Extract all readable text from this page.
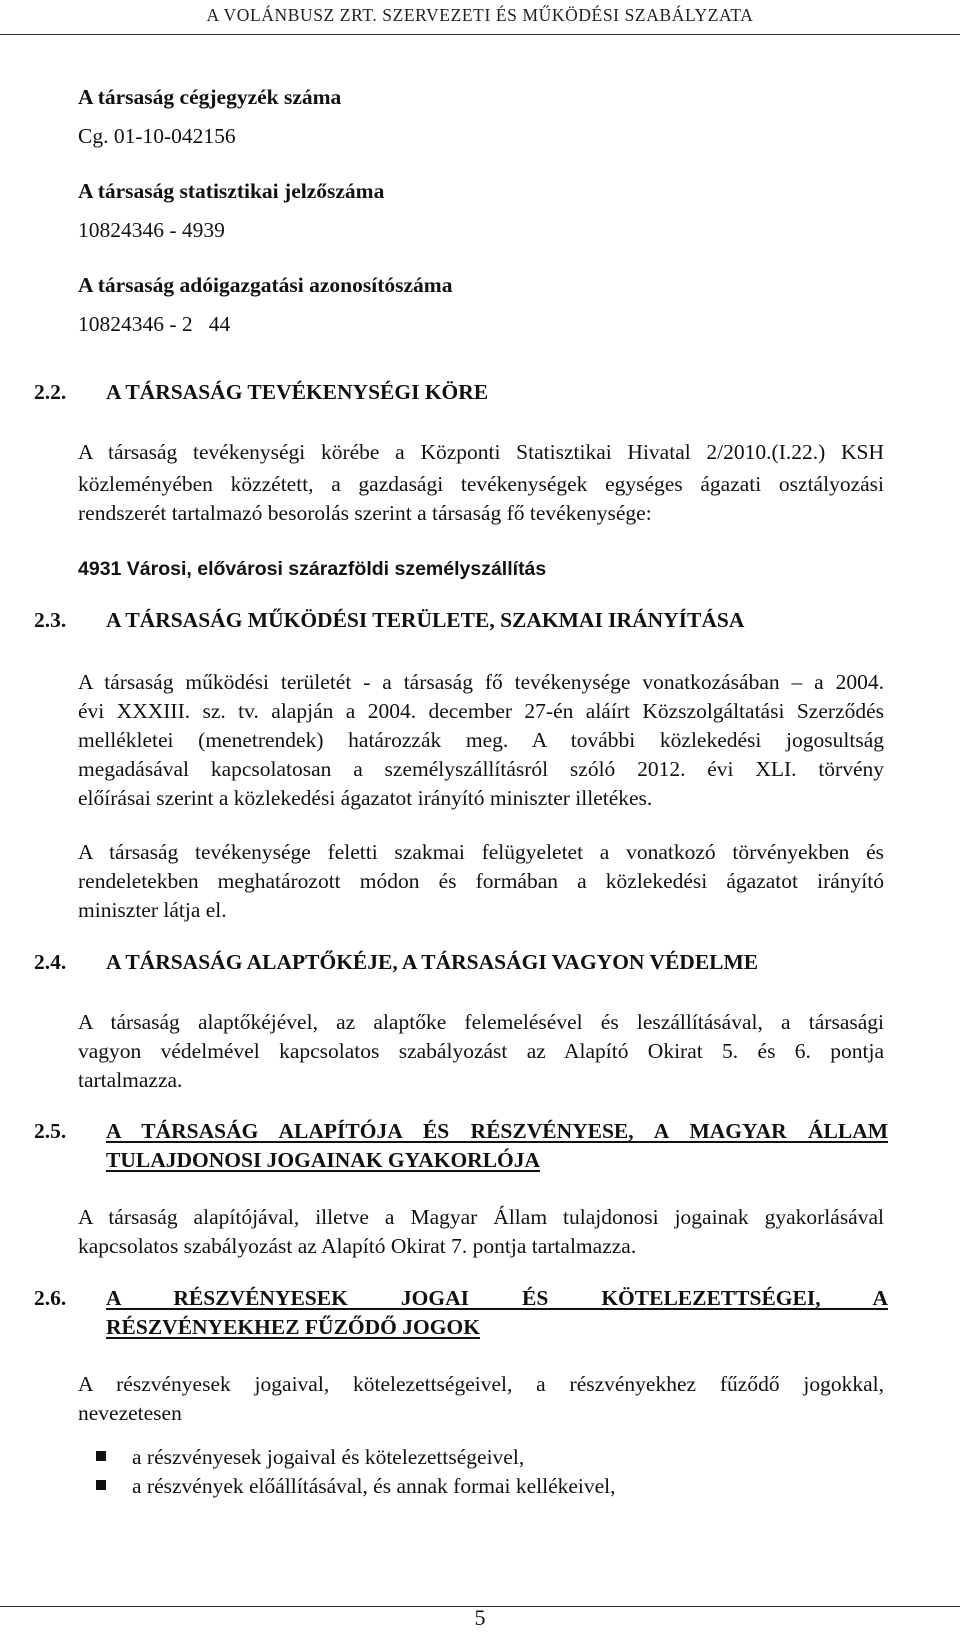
A VOLÁNBUSZ ZRT. SZERVEZETI ÉS MŰKÖDÉSI SZABÁLYZATA
A társaság cégjegyzék száma
Cg. 01-10-042156
A társaság statisztikai jelzőszáma
10824346 - 4939
A társaság adóigazgatási azonosítószáma
10824346 - 2   44
2.2. A TÁRSASÁG TEVÉKENYSÉGI KÖRE
A társaság tevékenységi körébe a Központi Statisztikai Hivatal 2/2010.(I.22.) KSH
közleményében közzétett, a gazdasági tevékenységek egységes ágazati osztályozási
rendszerét tartalmazó besorolás szerint a társaság fő tevékenysége:
4931 Városi, elővárosi szárazföldi személyszállítás
2.3. A TÁRSASÁG MŰKÖDÉSI TERÜLETE, SZAKMAI IRÁNYÍTÁSA
A társaság működési területét - a társaság fő tevékenysége vonatkozásában – a 2004.
évi XXXIII. sz. tv. alapján a 2004. december 27-én aláírt Közszolgáltatási Szerződés
mellékletei (menetrendek) határozzák meg. A további közlekedési jogosultság
megadásával kapcsolatosan a személyszállításról szóló 2012. évi XLI. törvény
előírásai szerint a közlekedési ágazatot irányító miniszter illetékes.
A társaság tevékenysége feletti szakmai felügyeletet a vonatkozó törvényekben és
rendeletekben meghatározott módon és formában a közlekedési ágazatot irányító
miniszter látja el.
2.4. A TÁRSASÁG ALAPTŐKÉJE, A TÁRSASÁGI VAGYON VÉDELME
A társaság alaptőkéjével, az alaptőke felemelésével és leszállításával, a társasági
vagyon védelmével kapcsolatos szabályozást az Alapító Okirat 5. és 6. pontja
tartalmazza.
2.5. A TÁRSASÁG ALAPÍTÓJA ÉS RÉSZVÉNYESE, A MAGYAR ÁLLAM
TULAJDONOSI JOGAINAK GYAKORLÓJA
A társaság alapítójával, illetve a Magyar Állam tulajdonosi jogainak gyakorlásával
kapcsolatos szabályozást az Alapító Okirat 7. pontja tartalmazza.
2.6. A RÉSZVÉNYESEK JOGAI ÉS KÖTELEZETTSÉGEI, A
RÉSZVÉNYEKHEZ FŰZŐDŐ JOGOK
A részvényesek jogaival, kötelezettségeivel, a részvényekhez fűződő jogokkal,
nevezetesen
a részvényesek jogaival és kötelezettségeivel,
a részvények előállításával, és annak formai kellékeivel,
5
